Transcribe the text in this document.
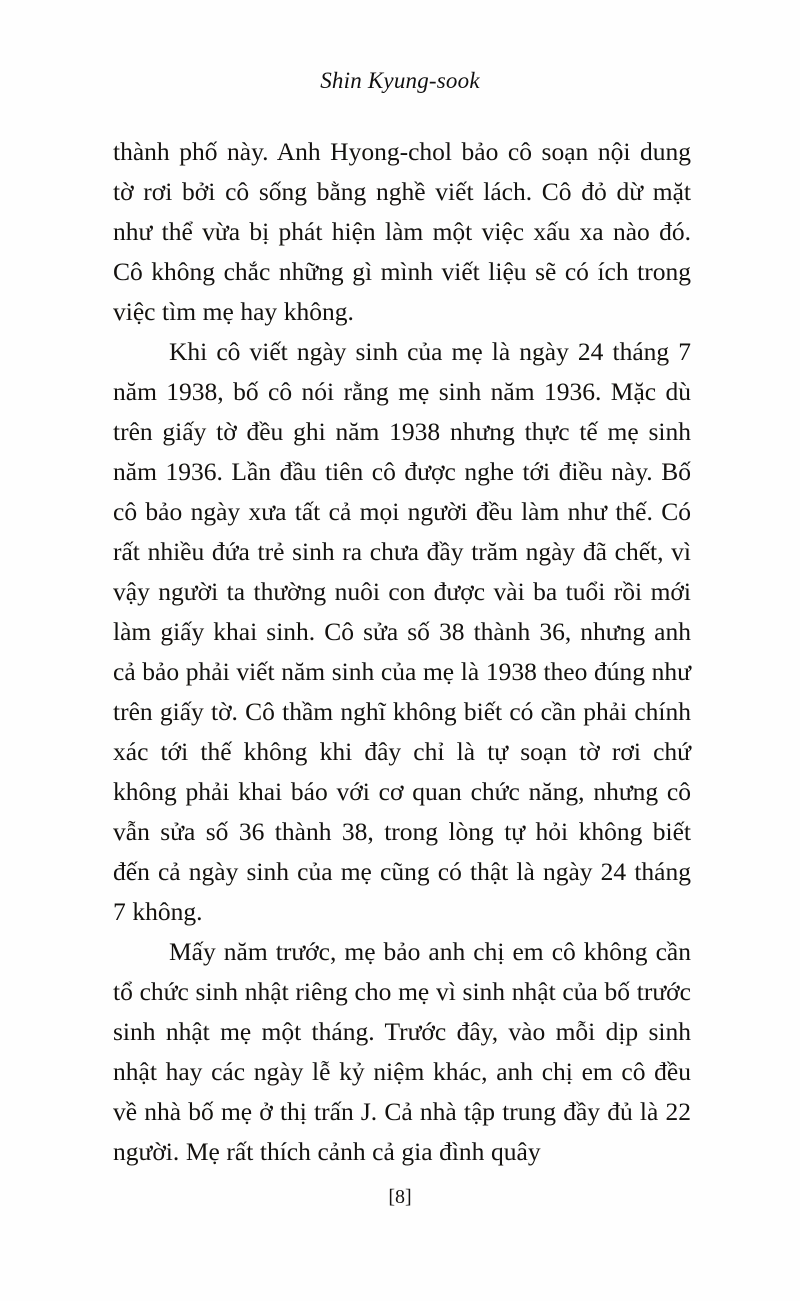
Shin Kyung-sook

thành phố này. Anh Hyong-chol bảo cô soạn nội dung tờ rơi bởi cô sống bằng nghề viết lách. Cô đỏ dừ mặt như thể vừa bị phát hiện làm một việc xấu xa nào đó. Cô không chắc những gì mình viết liệu sẽ có ích trong việc tìm mẹ hay không.

Khi cô viết ngày sinh của mẹ là ngày 24 tháng 7 năm 1938, bố cô nói rằng mẹ sinh năm 1936. Mặc dù trên giấy tờ đều ghi năm 1938 nhưng thực tế mẹ sinh năm 1936. Lần đầu tiên cô được nghe tới điều này. Bố cô bảo ngày xưa tất cả mọi người đều làm như thế. Có rất nhiều đứa trẻ sinh ra chưa đầy trăm ngày đã chết, vì vậy người ta thường nuôi con được vài ba tuổi rồi mới làm giấy khai sinh. Cô sửa số 38 thành 36, nhưng anh cả bảo phải viết năm sinh của mẹ là 1938 theo đúng như trên giấy tờ. Cô thầm nghĩ không biết có cần phải chính xác tới thế không khi đây chỉ là tự soạn tờ rơi chứ không phải khai báo với cơ quan chức năng, nhưng cô vẫn sửa số 36 thành 38, trong lòng tự hỏi không biết đến cả ngày sinh của mẹ cũng có thật là ngày 24 tháng 7 không.

Mấy năm trước, mẹ bảo anh chị em cô không cần tổ chức sinh nhật riêng cho mẹ vì sinh nhật của bố trước sinh nhật mẹ một tháng. Trước đây, vào mỗi dịp sinh nhật hay các ngày lễ kỷ niệm khác, anh chị em cô đều về nhà bố mẹ ở thị trấn J. Cả nhà tập trung đầy đủ là 22 người. Mẹ rất thích cảnh cả gia đình quây

[8]
